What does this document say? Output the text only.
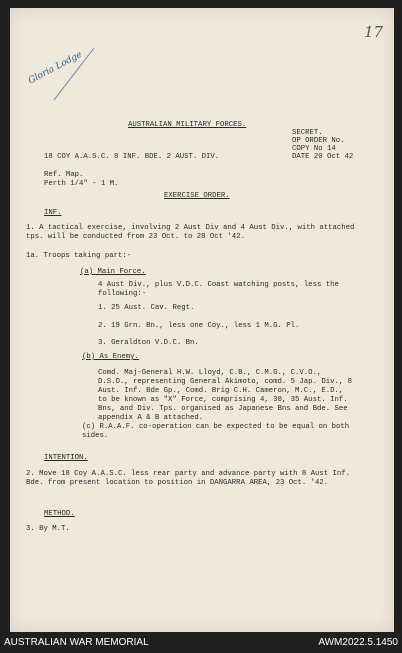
Gloria Lodge
17
AUSTRALIAN MILITARY FORCES.
SECRET.
OP ORDER No.
COPY No 14
DATE 20 Oct 42
18 COY A.A.S.C. 8 INF. BDE. 2 AUST. DIV.
Ref. Map.
Perth 1/4" - 1 M.
EXERCISE ORDER.
INF.
1. A tactical exercise, involving 2 Aust Div and 4 Aust Div., with attached tps. will be conducted from 23 Oct. to 28 Oct '42.
1a. Troops taking part:-
(a) Main Force.
4 Aust Div., plus V.D.C. Coast watching posts, less the following:-
1. 25 Aust. Cav. Regt.
2. 19 Grn. Bn., less one Coy., less 1 M.G. Pl.
3. Geraldton V.D.C. Bn.
(b) As Enemy.
Comd. Maj-General H.W. Lloyd, C.B., C.M.G., C.V.O., D.S.O., representing General Akimoto, comd. 5 Jap. Div., 8 Aust. Inf. Bde Gp., Comd. Brig C.H. Cameron, M.C., E.D., to be known as "X" Force, comprising 4, 30, 35 Aust. Inf. Bns, and Div. Tps. organised as Japanese Bns and Bde. See appendix A & B attached.
(c) R.A.A.F. co-operation can be expected to be equal on both sides.
INTENTION.
2. Move 18 Coy A.A.S.C. less rear party and advance party with 8 Aust Inf. Bde. from present location to position in DANGARRA AREA, 23 Oct. '42.
METHOD.
3. By M.T.
AUSTRALIAN WAR MEMORIAL	AWM2022.5.1450
